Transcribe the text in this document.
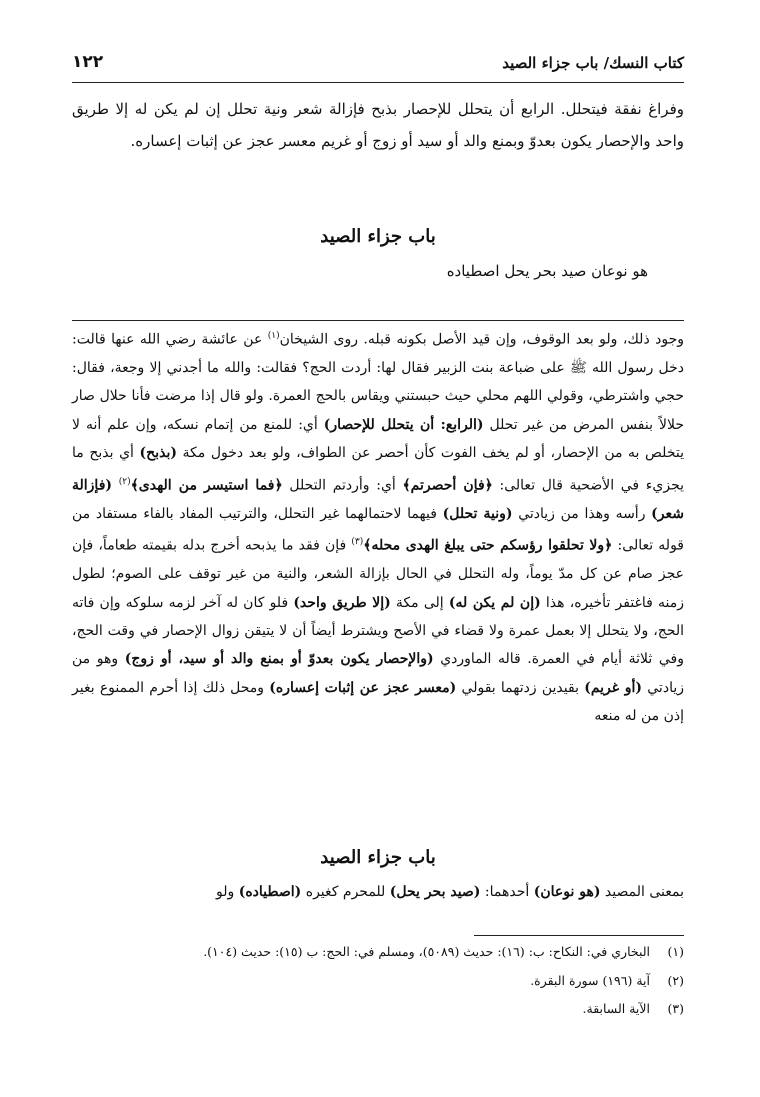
كتاب النسك/ باب جزاء الصيد
١٢٢

وفراغ نفقة فيتحلل. الرابع أن يتحلل للإحصار بذبح فإزالة شعر ونية تحلل إن لم يكن له إلا طريق واحد والإحصار يكون بعدوّ وبمنع والد أو سيد أو زوج أو غريم معسر عجز عن إثبات إعساره.

باب جزاء الصيد
هو نوعان صيد بحر يحل اصطياده

وجود ذلك، ولو بعد الوقوف، وإن قيد الأصل بكونه قبله. روى الشيخان$^{(١)}$ عن عائشة رضي الله عنها قالت: دخل رسول الله ﷺ على ضباعة بنت الزبير فقال لها: أردت الحج؟ فقالت: والله ما أجدني إلا وجعة، فقال: حجي واشترطي، وقولي اللهم محلي حيث حبستني ويقاس بالحج العمرة. ولو قال إذا مرضت فأنا حلال صار حلالاً بنفس المرض من غير تحلل (الرابع: أن يتحلل للإحصار) أي: للمنع من إتمام نسكه، وإن علم أنه لا يتخلص به من الإحصار، أو لم يخف الفوت كأن أحصر عن الطواف، ولو بعد دخول مكة (بذبح) أي بذبح ما يجزيء في الأضحية قال تعالى: ﴿فإن أحصرتم﴾ أي: وأردتم التحلل ﴿فما استيسر من الهدى﴾$^{(٢)}$ (فإزالة شعر) رأسه وهذا من زيادتي (ونية تحلل) فيهما لاحتمالهما غير التحلل، والترتيب المفاد بالفاء مستفاد من قوله تعالى: ﴿ولا تحلقوا رؤسكم حتى يبلغ الهدى محله﴾$^{(٣)}$ فإن فقد ما يذبحه أخرج بدله بقيمته طعاماً، فإن عجز صام عن كل مدّ يوماً، وله التحلل في الحال بإزالة الشعر، والنية من غير توقف على الصوم؛ لطول زمنه فاغتفر تأخيره، هذا (إن لم يكن له) إلى مكة (إلا طريق واحد) فلو كان له آخر لزمه سلوكه وإن فاته الحج، ولا يتحلل إلا بعمل عمرة ولا قضاء في الأصح ويشترط أيضاً أن لا يتيقن زوال الإحصار في وقت الحج، وفي ثلاثة أيام في العمرة. قاله الماوردي (والإحصار يكون بعدوّ أو بمنع والد أو سيد، أو زوج) وهو من زيادتي (أو غريم) بقيدين زدتهما بقولي (معسر عجز عن إثبات إعساره) ومحل ذلك إذا أحرم الممنوع بغير إذن من له منعه

باب جزاء الصيد
بمعنى المصيد (هو نوعان) أحدهما: (صيد بحر يحل) للمحرم كغيره (اصطياده) ولو
(١)البخاري في: النكاح: ب: (١٦): حديث (٥٠٨٩)، ومسلم في: الحج: ب (١٥): حديث (١٠٤).
(٢)آية (١٩٦) سورة البقرة.
(٣)الآية السابقة.
